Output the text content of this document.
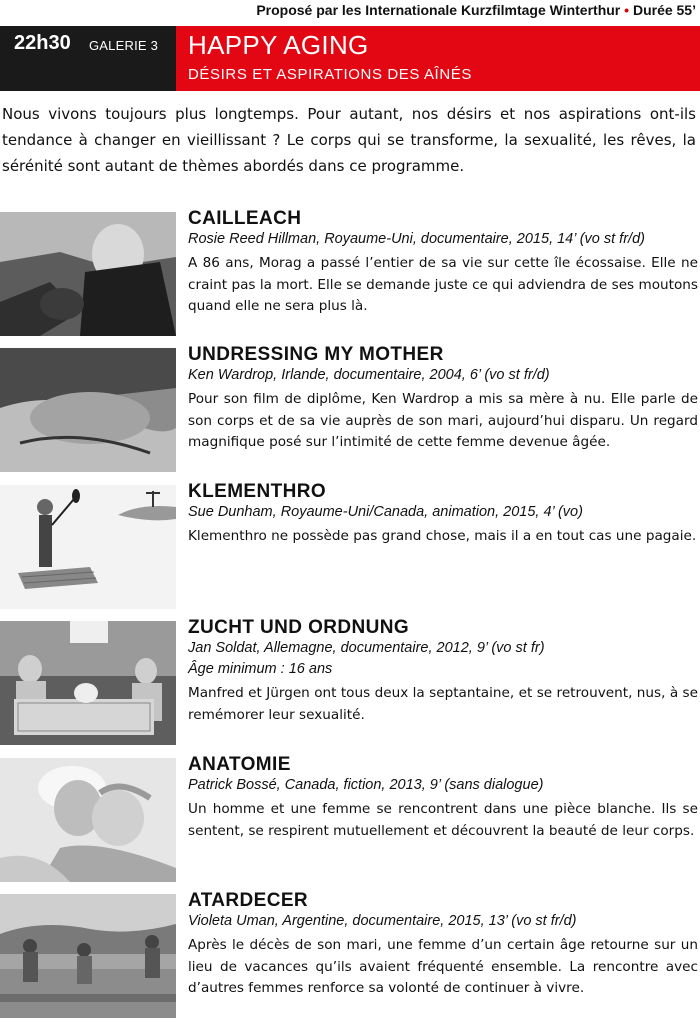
Proposé par les Internationale Kurzfilmtage Winterthur • Durée 55’
22h30 GALERIE 3 HAPPY AGING
DÉSIRS ET ASPIRATIONS DES AÎNÉS
Nous vivons toujours plus longtemps. Pour autant, nos désirs et nos aspirations ont-ils tendance à changer en vieillissant ? Le corps qui se transforme, la sexualité, les rêves, la sérénité sont autant de thèmes abordés dans ce programme.
CAILLEACH
Rosie Reed Hillman, Royaume-Uni, documentaire, 2015, 14’ (vo st fr/d)
A 86 ans, Morag a passé l’entier de sa vie sur cette île écossaise. Elle ne craint pas la mort. Elle se demande juste ce qui adviendra de ses moutons quand elle ne sera plus là.
UNDRESSING MY MOTHER
Ken Wardrop, Irlande, documentaire, 2004, 6’ (vo st fr/d)
Pour son film de diplôme, Ken Wardrop a mis sa mère à nu. Elle parle de son corps et de sa vie auprès de son mari, aujourd’hui disparu. Un regard magnifique posé sur l’intimité de cette femme devenue âgée.
KLEMENTHRO
Sue Dunham, Royaume-Uni/Canada, animation, 2015, 4’ (vo)
Klementhro ne possède pas grand chose, mais il a en tout cas une pagaie.
ZUCHT UND ORDNUNG
Jan Soldat, Allemagne, documentaire, 2012, 9’ (vo st fr)
Âge minimum : 16 ans
Manfred et Jürgen ont tous deux la septantaine, et se retrouvent, nus, à se remémorer leur sexualité.
ANATOMIE
Patrick Bossé, Canada, fiction, 2013, 9’ (sans dialogue)
Un homme et une femme se rencontrent dans une pièce blanche. Ils se sentent, se respirent mutuellement et découvrent la beauté de leur corps.
ATARDECER
Violeta Uman, Argentine, documentaire, 2015, 13’ (vo st fr/d)
Après le décès de son mari, une femme d’un certain âge retourne sur un lieu de vacances qu’ils avaient fréquenté ensemble. La rencontre avec d’autres femmes renforce sa volonté de continuer à vivre.
